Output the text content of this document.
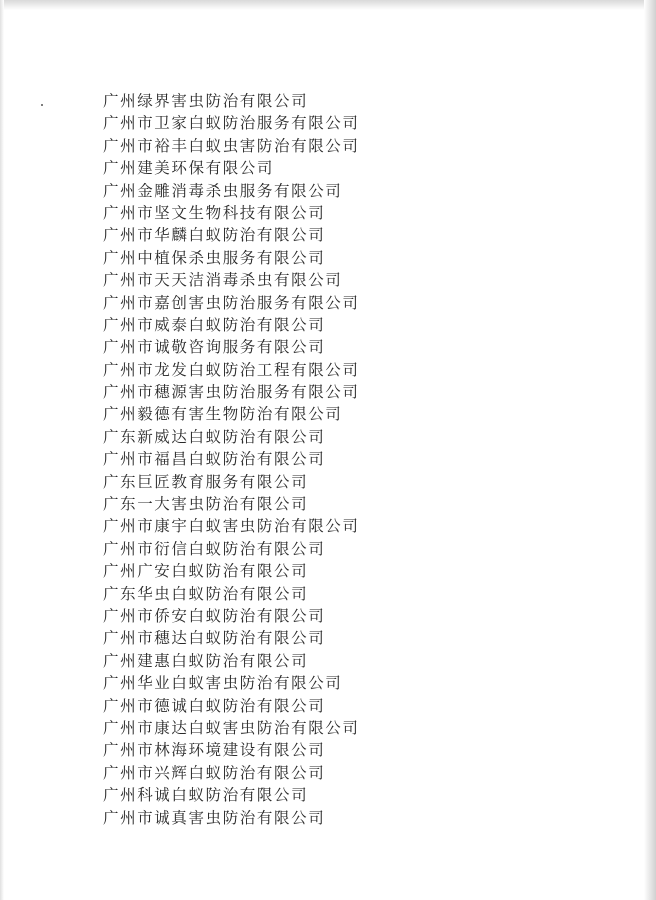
广州绿界害虫防治有限公司
广州市卫家白蚁防治服务有限公司
广州市裕丰白蚁虫害防治有限公司
广州建美环保有限公司
广州金雕消毒杀虫服务有限公司
广州市坚文生物科技有限公司
广州市华麟白蚁防治有限公司
广州中植保杀虫服务有限公司
广州市天天洁消毒杀虫有限公司
广州市嘉创害虫防治服务有限公司
广州市威泰白蚁防治有限公司
广州市诚敬咨询服务有限公司
广州市龙发白蚁防治工程有限公司
广州市穗源害虫防治服务有限公司
广州毅德有害生物防治有限公司
广东新威达白蚁防治有限公司
广州市福昌白蚁防治有限公司
广东巨匠教育服务有限公司
广东一大害虫防治有限公司
广州市康宇白蚁害虫防治有限公司
广州市衍信白蚁防治有限公司
广州广安白蚁防治有限公司
广东华虫白蚁防治有限公司
广州市侨安白蚁防治有限公司
广州市穗达白蚁防治有限公司
广州建惠白蚁防治有限公司
广州华业白蚁害虫防治有限公司
广州市德诚白蚁防治有限公司
广州市康达白蚁害虫防治有限公司
广州市林海环境建设有限公司
广州市兴辉白蚁防治有限公司
广州科诚白蚁防治有限公司
广州市诚真害虫防治有限公司
